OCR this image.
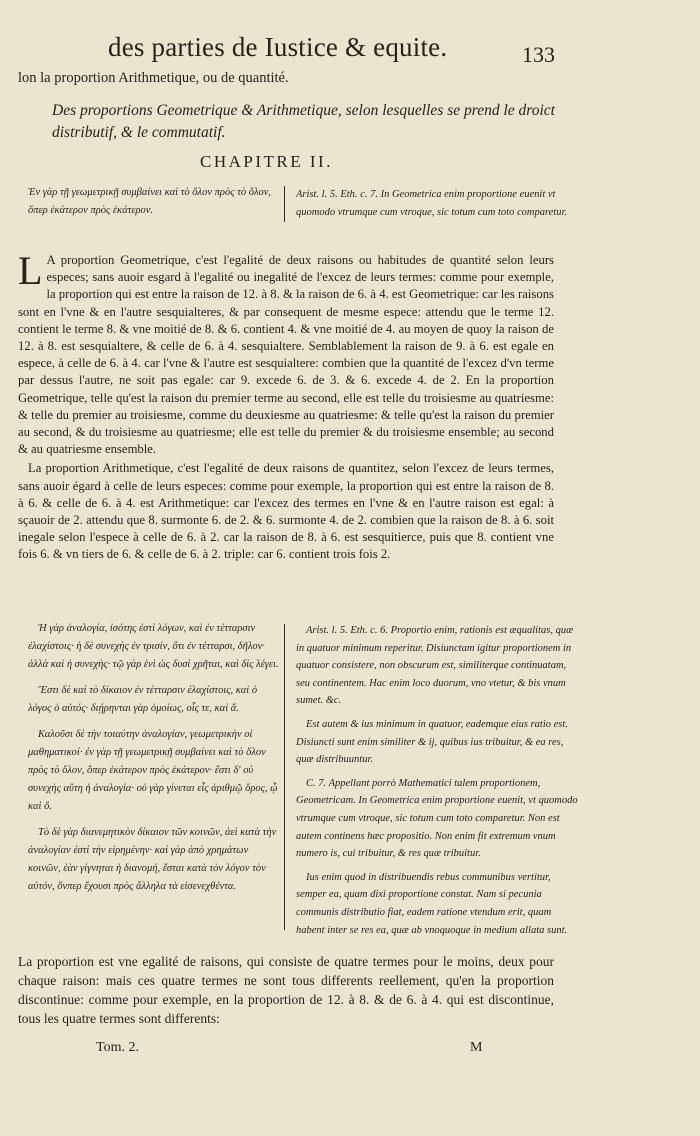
des parties de Iustice & equite.	133
lon la proportion Arithmetique, ou de quantité.
Des proportions Geometrique & Arithmetique, selon lesquelles se prend le droict distributif, & le commutatif.
CHAPITRE II.
Ἐν γὰρ τῇ γεωμετρικῇ συμβαίνει καὶ τὸ ὅλον πρὸς τὸ ὅλον, ὅπερ ἑκάτερον πρὸς ἑκάτερον.
Arist. l. 5. Eth. c. 7. In Geometrica enim proportione euenit vt quomodo vtrumque cum vtroque, sic totum cum toto comparetur.

L A proportion Geometrique, c'est l'egalité de deux raisons ou habitudes de quantité selon leurs especes; sans auoir esgard à l'egalité ou inegalité de l'excez de leurs termes: comme pour exemple, la proportion qui est entre la raison de 12. à 8. & la raison de 6. à 4. est Geometrique: car les raisons sont en l'vne & en l'autre sesquialteres, & par consequent de mesme espece: attendu que le terme 12. contient le terme 8. & vne moitié de 8. & 6. contient 4. & vne moitié de 4. au moyen de quoy la raison de 12. à 8. est sesquialtere, & celle de 6. à 4. sesquialtere. Semblablement la raison de 9. à 6. est egale en espece, à celle de 6. à 4. car l'vne & l'autre est sesquialtere: combien que la quantité de l'excez d'vn terme par dessus l'autre, ne soit pas egale: car 9. excede 6. de 3. & 6. excede 4. de 2. En la proportion Geometrique, telle qu'est la raison du premier terme au second, elle est telle du troisiesme au quatriesme: & telle du premier au troisiesme, comme du deuxiesme au quatriesme: & telle qu'est la raison du premier au second, & du troisiesme au quatriesme; elle est telle du premier & du troisiesme ensemble; au second & au quatriesme ensemble.

La proportion Arithmetique, c'est l'egalité de deux raisons de quantitez, selon l'excez de leurs termes, sans auoir égard à celle de leurs especes: comme pour exemple, la proportion qui est entre la raison de 8. à 6. & celle de 6. à 4. est Arithmetique: car l'excez des termes en l'vne & en l'autre raison est egal: à sçauoir de 2. attendu que 8. surmonte 6. de 2. & 6. surmonte 4. de 2. combien que la raison de 8. à 6. soit inegale selon l'espece à celle de 6. à 2. car la raison de 8. à 6. est sesquitierce, puis que 8. contient vne fois 6. & vn tiers de 6. & celle de 6. à 2. triple: car 6. contient trois fois 2.

Ἡ γὰρ ἀναλογία, ἰσότης ἐστὶ λόγων, καὶ ἐν τέτταρσιν ἐλαχίστοις· ἡ δὲ συνεχὴς ἐν τρισίν, ὅτι ἐν τέτταρσι, δῆλον· ἀλλὰ καὶ ἡ συνεχὴς· τῷ γὰρ ἑνὶ ὡς δυσὶ χρῆται, καὶ δὶς λέγει.

Ἔστι δὲ καὶ τὸ δίκαιον ἐν τέτταρσιν ἐλαχίστοις, καὶ ὁ λόγος ὁ αὐτός· διῄρηνται γὰρ ὁμοίως, οἷς τε, καὶ ἅ.

Καλοῦσι δὲ τὴν τοιαύτην ἀναλογίαν, γεωμετρικὴν οἱ μαθηματικοί· ἐν γὰρ τῇ γεωμετρικῇ συμβαίνει καὶ τὸ ὅλον πρὸς τὸ ὅλον, ὅπερ ἑκάτερον πρὸς ἑκάτερον· ἔστι δ' οὐ συνεχὴς αὕτη ἡ ἀναλογία· οὐ γὰρ γίνεται εἷς ἀριθμῷ ὅρος, ᾧ καὶ ὅ.

Τὸ δὲ γὰρ διανεμητικὸν δίκαιον τῶν κοινῶν, ἀεὶ κατὰ τὴν ἀναλογίαν ἐστὶ τὴν εἰρημένην· καὶ γὰρ ἀπὸ χρημάτων κοινῶν, ἐὰν γίγνηται ἡ διανομή, ἔσται κατὰ τὸν λόγον τὸν αὐτόν, ὅνπερ ἔχουσι πρὸς ἄλληλα τὰ εἰσενεχθέντα.

Arist. l. 5. Eth. c. 6. Proportio enim, rationis est æqualitas, quæ in quatuor minimum reperitur. Disiunctam igitur proportionem in quatuor consistere, non obscurum est, similiterque continuatam, seu continentem. Hac enim loco duorum, vno vtetur, & bis vnum sumet. &c.

Est autem & ius minimum in quatuor, eademque eius ratio est. Disiuncti sunt enim similiter & ij, quibus ius tribuitur, & ea res, quæ distribuuntur.

C. 7. Appellant porrò Mathematici talem proportionem, Geometricam. In Geometrica enim proportione euenit, vt quomodo vtrumque cum vtroque, sic totum cum toto comparetur. Non est autem continens hæc propositio. Non enim fit extremum vnum numero is, cui tribuitur, & res quæ tribuitur.

Ius enim quod in distribuendis rebus communibus vertitur, semper ea, quam dixi proportione constat. Nam si pecunia communis distributio fiat, eadem ratione vtendum erit, quam habent inter se res ea, quæ ab vnoquoque in medium allata sunt.

La proportion est vne egalité de raisons, qui consiste de quatre termes pour le moins, deux pour chaque raison: mais ces quatre termes ne sont tous differents reellement, qu'en la proportion discontinue: comme pour exemple, en la proportion de 12. à 8. & de 6. à 4. qui est discontinue, tous les quatre termes sont differents:
Tom. 2.	M
